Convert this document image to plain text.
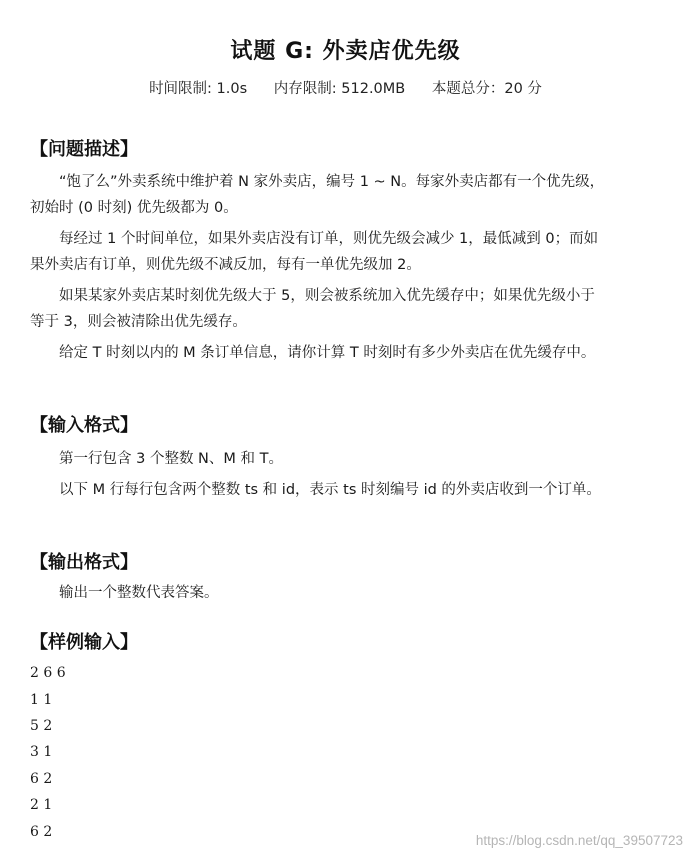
试题 G: 外卖店优先级
时间限制: 1.0s 内存限制: 512.0MB 本题总分：20 分
【问题描述】
“饱了么”外卖系统中维护着 N 家外卖店，编号 1 ~ N。每家外卖店都有一个优先级，初始时 (0 时刻) 优先级都为 0。
每经过 1 个时间单位，如果外卖店没有订单，则优先级会减少 1，最低减到 0；而如果外卖店有订单，则优先级不减反加，每有一单优先级加 2。
如果某家外卖店某时刻优先级大于 5，则会被系统加入优先缓存中；如果优先级小于等于 3，则会被清除出优先缓存。
给定 T 时刻以内的 M 条订单信息，请你计算 T 时刻时有多少外卖店在优先缓存中。
【输入格式】
第一行包含 3 个整数 N、M 和 T。
以下 M 行每行包含两个整数 ts 和 id，表示 ts 时刻编号 id 的外卖店收到一个订单。
【输出格式】
输出一个整数代表答案。
【样例输入】
2 6 6
1 1
5 2
3 1
6 2
2 1
6 2
https://blog.csdn.net/qq_39507723
